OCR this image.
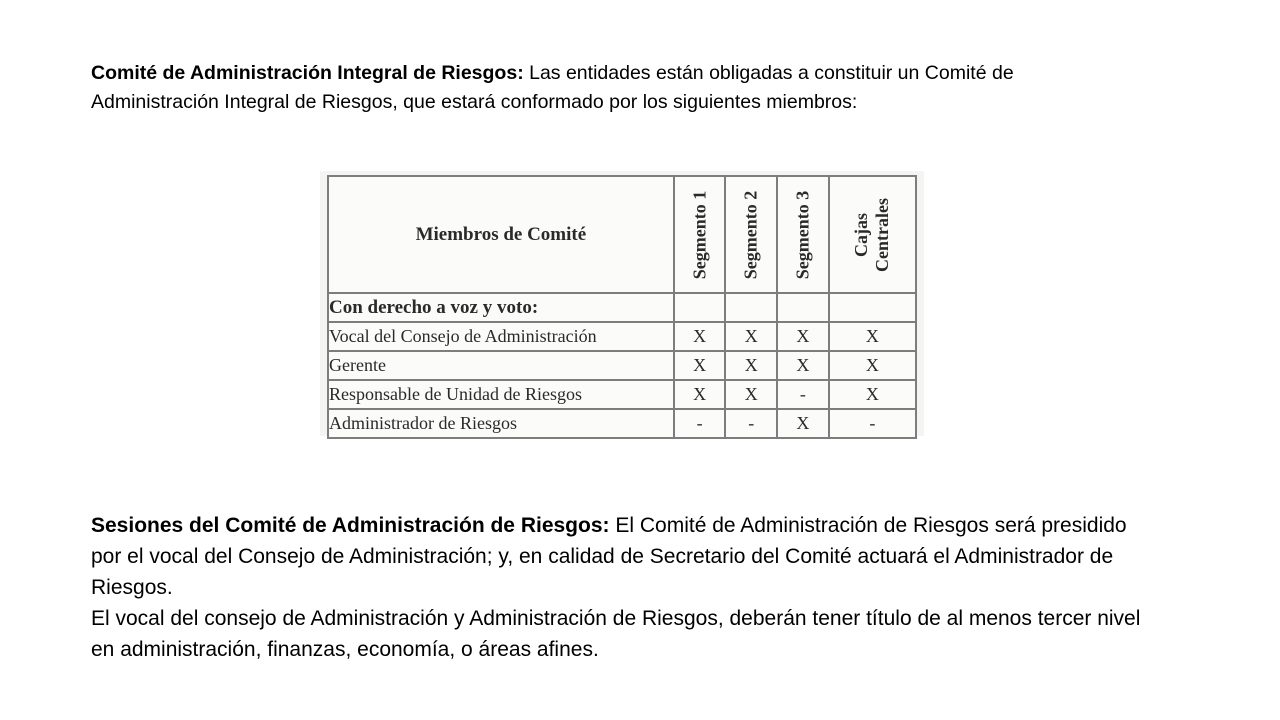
Comité de Administración Integral de Riesgos: Las entidades están obligadas a constituir un Comité de Administración Integral de Riesgos, que estará conformado por los siguientes miembros:

Miembros de Comité	Segmento 1	Segmento 2	Segmento 3	Cajas Centrales

Con derecho a voz y voto:				
Vocal del Consejo de Administración	X	X	X	X
Gerente	X	X	X	X
Responsable de Unidad de Riesgos	X	X	-	X
Administrador de Riesgos	-	-	X	-

Sesiones del Comité de Administración de Riesgos: El Comité de Administración de Riesgos será presidido por el vocal del Consejo de Administración; y, en calidad de Secretario del Comité actuará el Administrador de Riesgos.

El vocal del consejo de Administración y Administración de Riesgos, deberán tener título de al menos tercer nivel en administración, finanzas, economía, o áreas afines.
